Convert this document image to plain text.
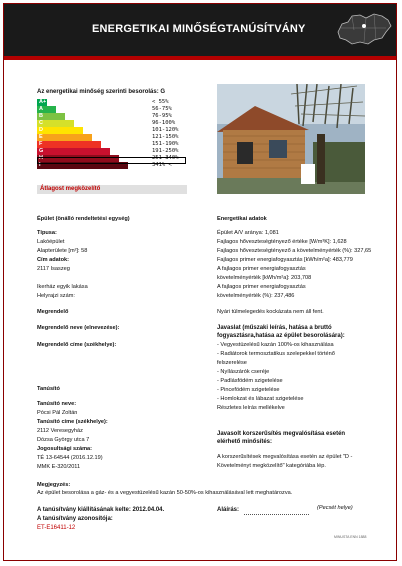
ENERGETIKAI MINŐSÉGTANÚSÍTVÁNY
Az energetikai minőség szerinti besorolás: G
A+	< 55%
A	56-75%
B	76-95%
C	96-100%
D	101-120%
E	121-150%
F	151-190%
G	191-250%
H	251-340%
I	341% <
Átlagost megközelítő
Épület (önálló rendeltetési egység)
Típusa:
Lakóépület
Alapterülete [m²]: 58
Cím adatok:
2117 Isaszeg
Ikerház egyik lakása
Helyrajzi szám:
Megrendelő
Megrendelő neve (elnevezése):
Megrendelő címe (székhelye):
Tanúsító
Tanúsító neve:
Pócsi Pál Zoltán
Tanúsító címe (székhelye):
2112 Veresegyház
Dózsa György utca 7
Jogosultsági száma:
TÉ 13-64544 (2016.12.19)
MMK E-320/2011
Energetikai adatok
Épület A/V aránya: 1,081
Fajlagos hőveszteségtényező értéke [W/m³K]: 1,628
Fajlagos hőveszteségtényező a követelményérték (%): 327,65
Fajlagos primer energiafogyasztás [kWh/m²a]: 483,779
A fajlagos primer energiafogyasztás
követelményérték [kWh/m²a]: 203,708
A fajlagos primer energiafogyasztás
követelményérték (%): 237,486
Nyári túlmelegedés kockázata nem áll fent.
Javaslat (műszaki leírás, hatása a bruttó
fogyasztásra,hatása az épület besorolására):
- Vegyestüzelésű kazán 100%-os kihasználása
- Radiátorok termosztatikus szelepekkel történő
felszerelése
- Nyílászárók cseréje
- Padlásfödém szigetelése
- Pincefödém szigetelése
- Homlokzat és lábazat szigetelése
Részletes leírás mellékelve
Javasolt korszerűsítés megvalósítása esetén
elérhető minősítés:
A korszerűsítések megvalósítása esetén az épület "D -
Követelményt megközelítő" kategóriába lép.
Megjegyzés:
Az épület besorolása a gáz- és a vegyestüzelésű kazán 50-50%-os kihasználásával lett meghatározva.
A tanúsítvány kiállításának kelte: 2012.04.04.
A tanúsítvány azonosítója:
ET-E16411-12
Aláírás:	(Pecsét helye)
MINUSTA ENN 1888
